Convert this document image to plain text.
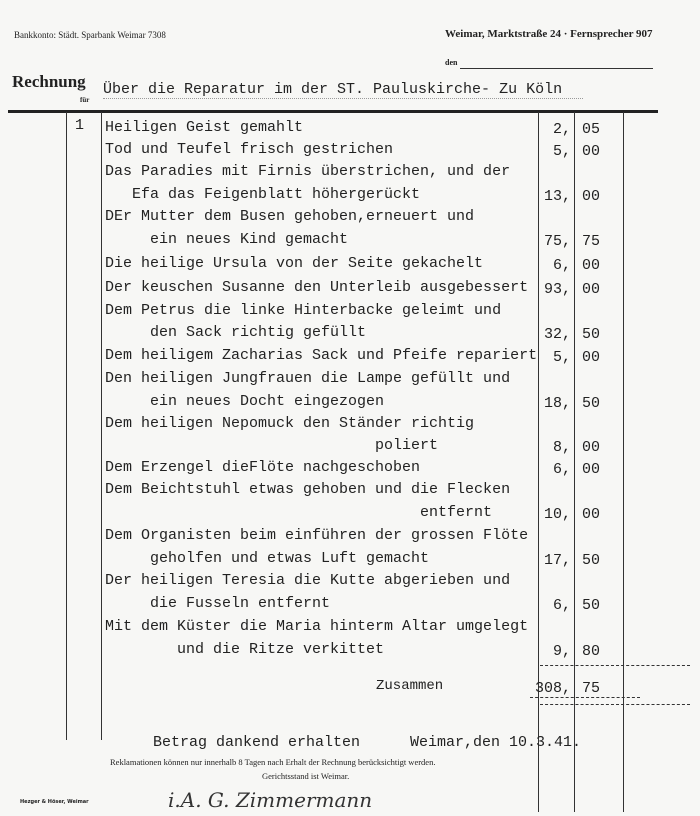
Bankkonto: Städt. Sparbank Weimar 7308	Weimar, Marktstraße 24 · Fernsprecher 907
den
Rechnung
für
Über die Reparatur im der ST. Pauluskirche- Zu Köln
1 Heiligen Geist gemahlt	2, 05
Tod und Teufel frisch gestrichen	5, 00
Das Paradies mit Firnis überstrichen, und der
Efa das Feigenblatt höhergerückt	13, 00
DEr Mutter dem Busen gehoben,erneuert und
ein neues Kind gemacht	75, 75
Die heilige Ursula von der Seite gekachelt	6, 00
Der keuschen Susanne den Unterleib ausgebessert 93, 00
Dem Petrus die linke Hinterbacke geleimt und
den Sack richtig gefüllt	32, 50
Dem heiligem Zacharias Sack und Pfeife repariert 5, 00
Den heiligen Jungfrauen die Lampe gefüllt und
ein neues Docht eingezogen	18, 50
Dem heiligen Nepomuck den Ständer richtig
poliert	8, 00
Dem Erzengel dieFlöte nachgeschoben	6, 00
Dem Beichtstuhl etwas gehoben und die Flecken
entfernt	10, 00
Dem Organisten beim einführen der grossen Flöte
geholfen und etwas Luft gemacht	17, 50
Der heiligen Teresia die Kutte abgerieben und
die Fusseln entfernt	6, 50
Mit dem Küster die Maria hinterm Altar umgelegt
und die Ritze verkittet	9, 80
Zusammen	308, 75
Betrag dankend erhalten	Weimar,den 10.3.41.
Reklamationen können nur innerhalb 8 Tagen nach Erhalt der Rechnung berücksichtigt werden.
Gerichtsstand ist Weimar.
Hezger & Höser, Weimar	i.A. G. Zimmermann
